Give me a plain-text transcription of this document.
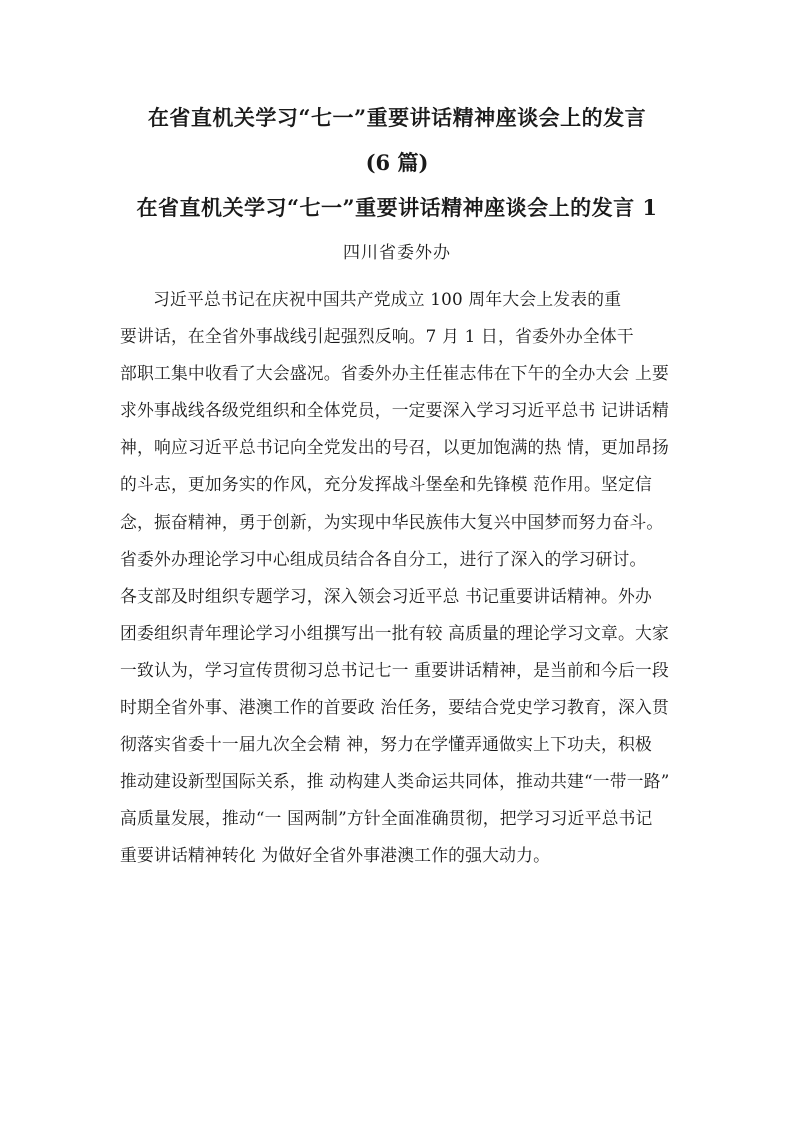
在省直机关学习“七一”重要讲话精神座谈会上的发言
(6 篇)
在省直机关学习“七一”重要讲话精神座谈会上的发言 1
四川省委外办
习近平总书记在庆祝中国共产党成立 100 周年大会上发表的重
要讲话，在全省外事战线引起强烈反响。7 月 1 日，省委外办全体干
部职工集中收看了大会盛况。省委外办主任崔志伟在下午的全办大会 上要
求外事战线各级党组织和全体党员，一定要深入学习习近平总书 记讲话精
神，响应习近平总书记向全党发出的号召，以更加饱满的热 情，更加昂扬
的斗志，更加务实的作风，充分发挥战斗堡垒和先锋模 范作用。坚定信
念，振奋精神，勇于创新，为实现中华民族伟大复兴中国梦而努力奋斗。
省委外办理论学习中心组成员结合各自分工，进行了深入的学习研讨。
各支部及时组织专题学习，深入领会习近平总 书记重要讲话精神。外办
团委组织青年理论学习小组撰写出一批有较 高质量的理论学习文章。大家
一致认为，学习宣传贯彻习总书记七一 重要讲话精神，是当前和今后一段
时期全省外事、港澳工作的首要政 治任务，要结合党史学习教育，深入贯
彻落实省委十一届九次全会精 神，努力在学懂弄通做实上下功夫，积极
推动建设新型国际关系，推 动构建人类命运共同体，推动共建“一带一路”
高质量发展，推动“一 国两制”方针全面准确贯彻，把学习习近平总书记
重要讲话精神转化 为做好全省外事港澳工作的强大动力。
